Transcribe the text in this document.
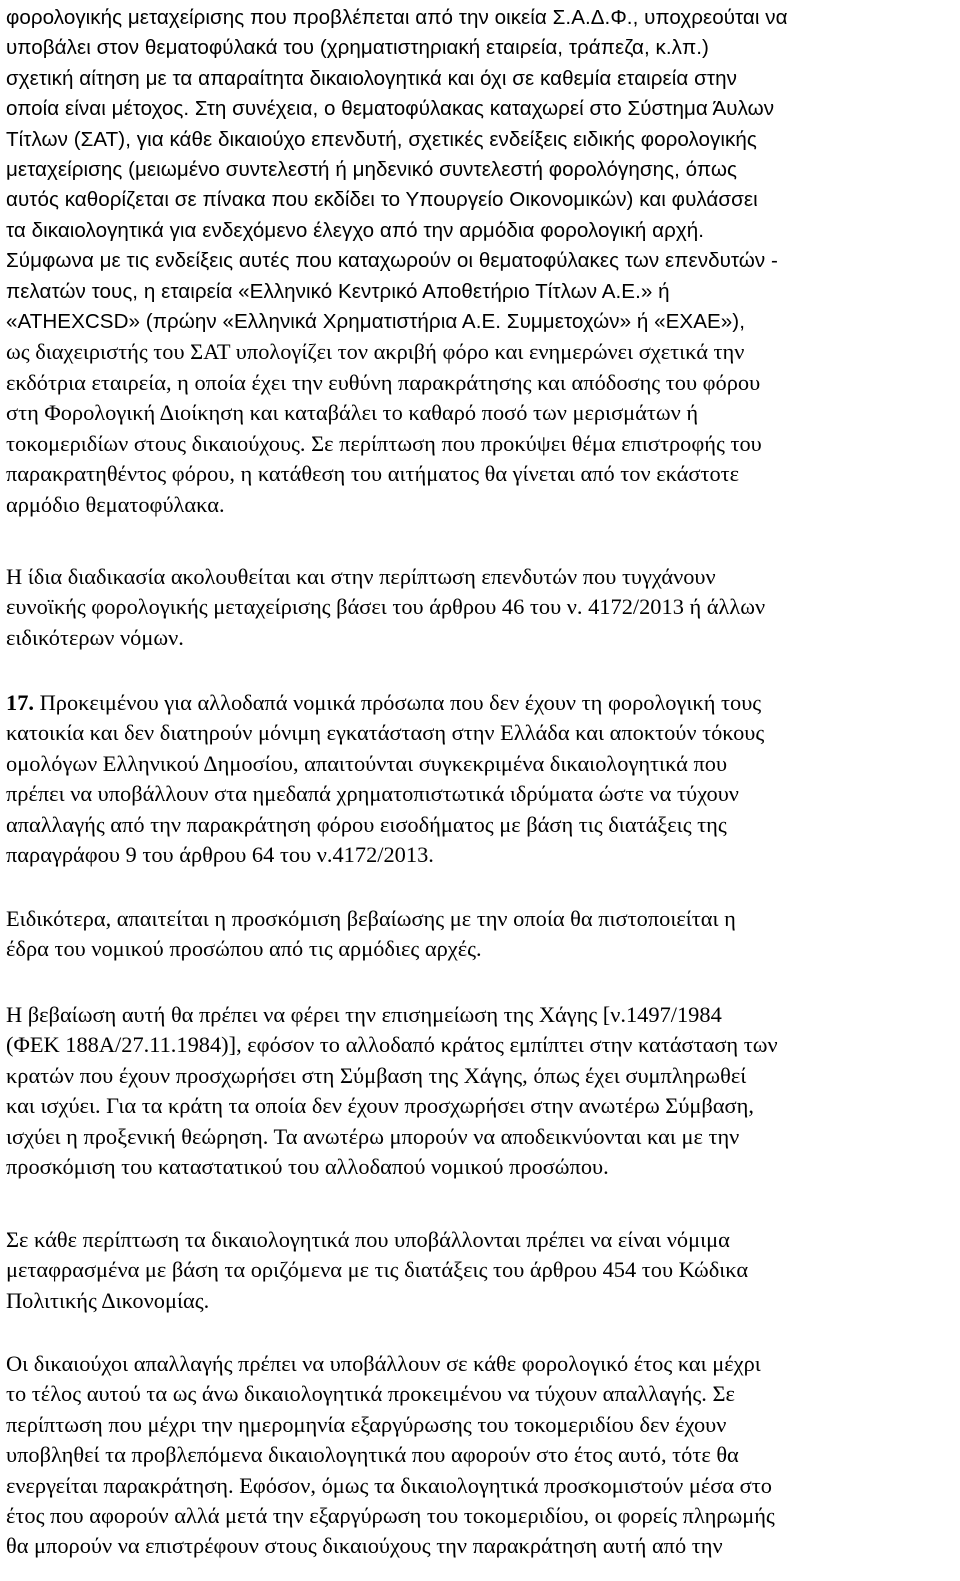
φορολογικής μεταχείρισης που προβλέπεται από την οικεία Σ.Α.Δ.Φ., υποχρεούται να
υποβάλει στον θεματοφύλακά του (χρηματιστηριακή εταιρεία, τράπεζα, κ.λπ.)
σχετική αίτηση με τα απαραίτητα δικαιολογητικά και όχι σε καθεμία εταιρεία στην
οποία είναι μέτοχος. Στη συνέχεια, ο θεματοφύλακας καταχωρεί στο Σύστημα Άυλων
Τίτλων (ΣΑΤ), για κάθε δικαιούχο επενδυτή, σχετικές ενδείξεις ειδικής φορολογικής
μεταχείρισης (μειωμένο συντελεστή ή μηδενικό συντελεστή φορολόγησης, όπως
αυτός καθορίζεται σε πίνακα που εκδίδει το Υπουργείο Οικονομικών) και φυλάσσει
τα δικαιολογητικά για ενδεχόμενο έλεγχο από την αρμόδια φορολογική αρχή.
Σύμφωνα με τις ενδείξεις αυτές που καταχωρούν οι θεματοφύλακες των επενδυτών -
πελατών τους, η εταιρεία «Ελληνικό Κεντρικό Αποθετήριο Τίτλων Α.Ε.» ή
«ATHEXCSD» (πρώην «Ελληνικά Χρηματιστήρια Α.Ε. Συμμετοχών» ή «ΕΧΑΕ»),
ως διαχειριστής του ΣΑΤ υπολογίζει τον ακριβή φόρο και ενημερώνει σχετικά την
εκδότρια εταιρεία, η οποία έχει την ευθύνη παρακράτησης και απόδοσης του φόρου
στη Φορολογική Διοίκηση και καταβάλει το καθαρό ποσό των μερισμάτων ή
τοκομεριδίων στους δικαιούχους. Σε περίπτωση που προκύψει θέμα επιστροφής του
παρακρατηθέντος φόρου, η κατάθεση του αιτήματος θα γίνεται από τον εκάστοτε
αρμόδιο θεματοφύλακα.
Η ίδια διαδικασία ακολουθείται και στην περίπτωση επενδυτών που τυγχάνουν
ευνοϊκής φορολογικής μεταχείρισης βάσει του άρθρου 46 του ν. 4172/2013 ή άλλων
ειδικότερων νόμων.
17. Προκειμένου για αλλοδαπά νομικά πρόσωπα που δεν έχουν τη φορολογική τους
κατοικία και δεν διατηρούν μόνιμη εγκατάσταση στην Ελλάδα και αποκτούν τόκους
ομολόγων Ελληνικού Δημοσίου, απαιτούνται συγκεκριμένα δικαιολογητικά που
πρέπει να υποβάλλουν στα ημεδαπά χρηματοπιστωτικά ιδρύματα ώστε να τύχουν
απαλλαγής από την παρακράτηση φόρου εισοδήματος με βάση τις διατάξεις της
παραγράφου 9 του άρθρου 64 του ν.4172/2013.
Ειδικότερα, απαιτείται η προσκόμιση βεβαίωσης με την οποία θα πιστοποιείται η
έδρα του νομικού προσώπου από τις αρμόδιες αρχές.
Η βεβαίωση αυτή θα πρέπει να φέρει την επισημείωση της Χάγης [ν.1497/1984
(ΦΕΚ 188Α/27.11.1984)], εφόσον το αλλοδαπό κράτος εμπίπτει στην κατάσταση των
κρατών που έχουν προσχωρήσει στη Σύμβαση της Χάγης, όπως έχει συμπληρωθεί
και ισχύει. Για τα κράτη τα οποία δεν έχουν προσχωρήσει στην ανωτέρω Σύμβαση,
ισχύει η προξενική θεώρηση. Τα ανωτέρω μπορούν να αποδεικνύονται και με την
προσκόμιση του καταστατικού του αλλοδαπού νομικού προσώπου.
Σε κάθε περίπτωση τα δικαιολογητικά που υποβάλλονται πρέπει να είναι νόμιμα
μεταφρασμένα με βάση τα οριζόμενα με τις διατάξεις του άρθρου 454 του Κώδικα
Πολιτικής Δικονομίας.
Οι δικαιούχοι απαλλαγής πρέπει να υποβάλλουν σε κάθε φορολογικό έτος και μέχρι
το τέλος αυτού τα ως άνω δικαιολογητικά προκειμένου να τύχουν απαλλαγής. Σε
περίπτωση που μέχρι την ημερομηνία εξαργύρωσης του τοκομεριδίου δεν έχουν
υποβληθεί τα προβλεπόμενα δικαιολογητικά που αφορούν στο έτος αυτό, τότε θα
ενεργείται παρακράτηση. Εφόσον, όμως τα δικαιολογητικά προσκομιστούν μέσα στο
έτος που αφορούν αλλά μετά την εξαργύρωση του τοκομεριδίου, οι φορείς πληρωμής
θα μπορούν να επιστρέφουν στους δικαιούχους την παρακράτηση αυτή από την
